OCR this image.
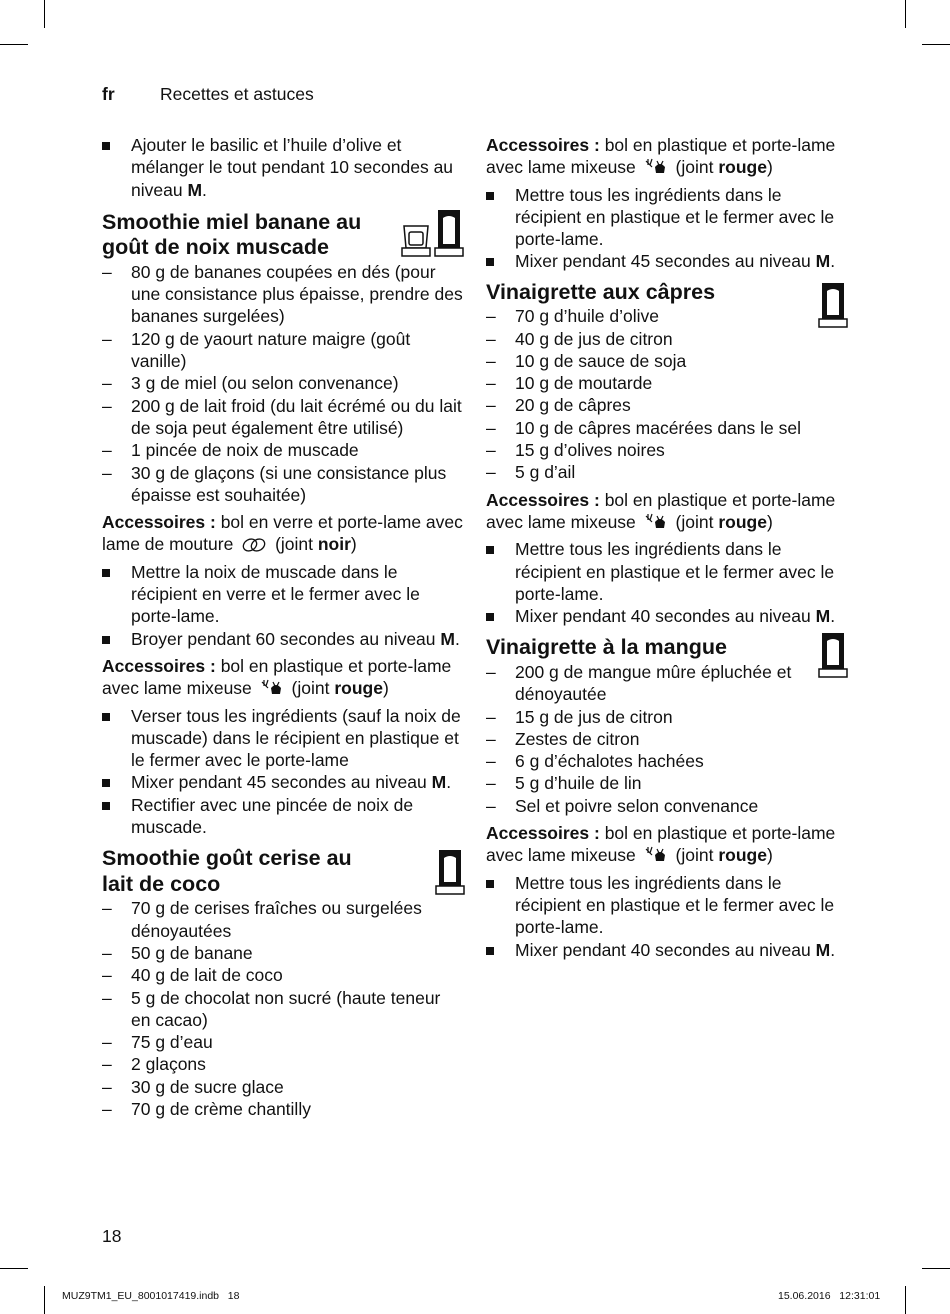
fr	Recettes et astuces
Ajouter le basilic et l’huile d’olive et mélanger le tout pendant 10 secondes au niveau M.
Smoothie miel banane au goût de noix muscade
– 80 g de bananes coupées en dés (pour une consistance plus épaisse, prendre des bananes surgelées)
– 120 g de yaourt nature maigre (goût vanille)
– 3 g de miel (ou selon convenance)
– 200 g de lait froid (du lait écrémé ou du lait de soja peut également être utilisé)
– 1 pincée de noix de muscade
– 30 g de glaçons (si une consistance plus épaisse est souhaitée)
Accessoires : bol en verre et porte-lame avec lame de mouture  (joint noir)
Mettre la noix de muscade dans le récipient en verre et le fermer avec le porte-lame.
Broyer pendant 60 secondes au niveau M.
Accessoires : bol en plastique et porte-lame avec lame mixeuse  (joint rouge)
Verser tous les ingrédients (sauf la noix de muscade) dans le récipient en plastique et le fermer avec le porte-lame
Mixer pendant 45 secondes au niveau M.
Rectifier avec une pincée de noix de muscade.
Smoothie goût cerise au lait de coco
– 70 g de cerises fraîches ou surgelées dénoyautées
– 50 g de banane
– 40 g de lait de coco
– 5 g de chocolat non sucré (haute teneur en cacao)
– 75 g d’eau
– 2 glaçons
– 30 g de sucre glace
– 70 g de crème chantilly
Accessoires : bol en plastique et porte-lame avec lame mixeuse  (joint rouge)
Mettre tous les ingrédients dans le récipient en plastique et le fermer avec le porte-lame.
Mixer pendant 45 secondes au niveau M.
Vinaigrette aux câpres
– 70 g d’huile d’olive
– 40 g de jus de citron
– 10 g de sauce de soja
– 10 g de moutarde
– 20 g de câpres
– 10 g de câpres macérées dans le sel
– 15 g d’olives noires
– 5 g d’ail
Accessoires : bol en plastique et porte-lame avec lame mixeuse  (joint rouge)
Mettre tous les ingrédients dans le récipient en plastique et le fermer avec le porte-lame.
Mixer pendant 40 secondes au niveau M.
Vinaigrette à la mangue
– 200 g de mangue mûre épluchée et dénoyautée
– 15 g de jus de citron
– Zestes de citron
– 6 g d’échalotes hachées
– 5 g d’huile de lin
– Sel et poivre selon convenance
Accessoires : bol en plastique et porte-lame avec lame mixeuse  (joint rouge)
Mettre tous les ingrédients dans le récipient en plastique et le fermer avec le porte-lame.
Mixer pendant 40 secondes au niveau M.
18
MUZ9TM1_EU_8001017419.indb   18	15.06.2016   12:31:01
